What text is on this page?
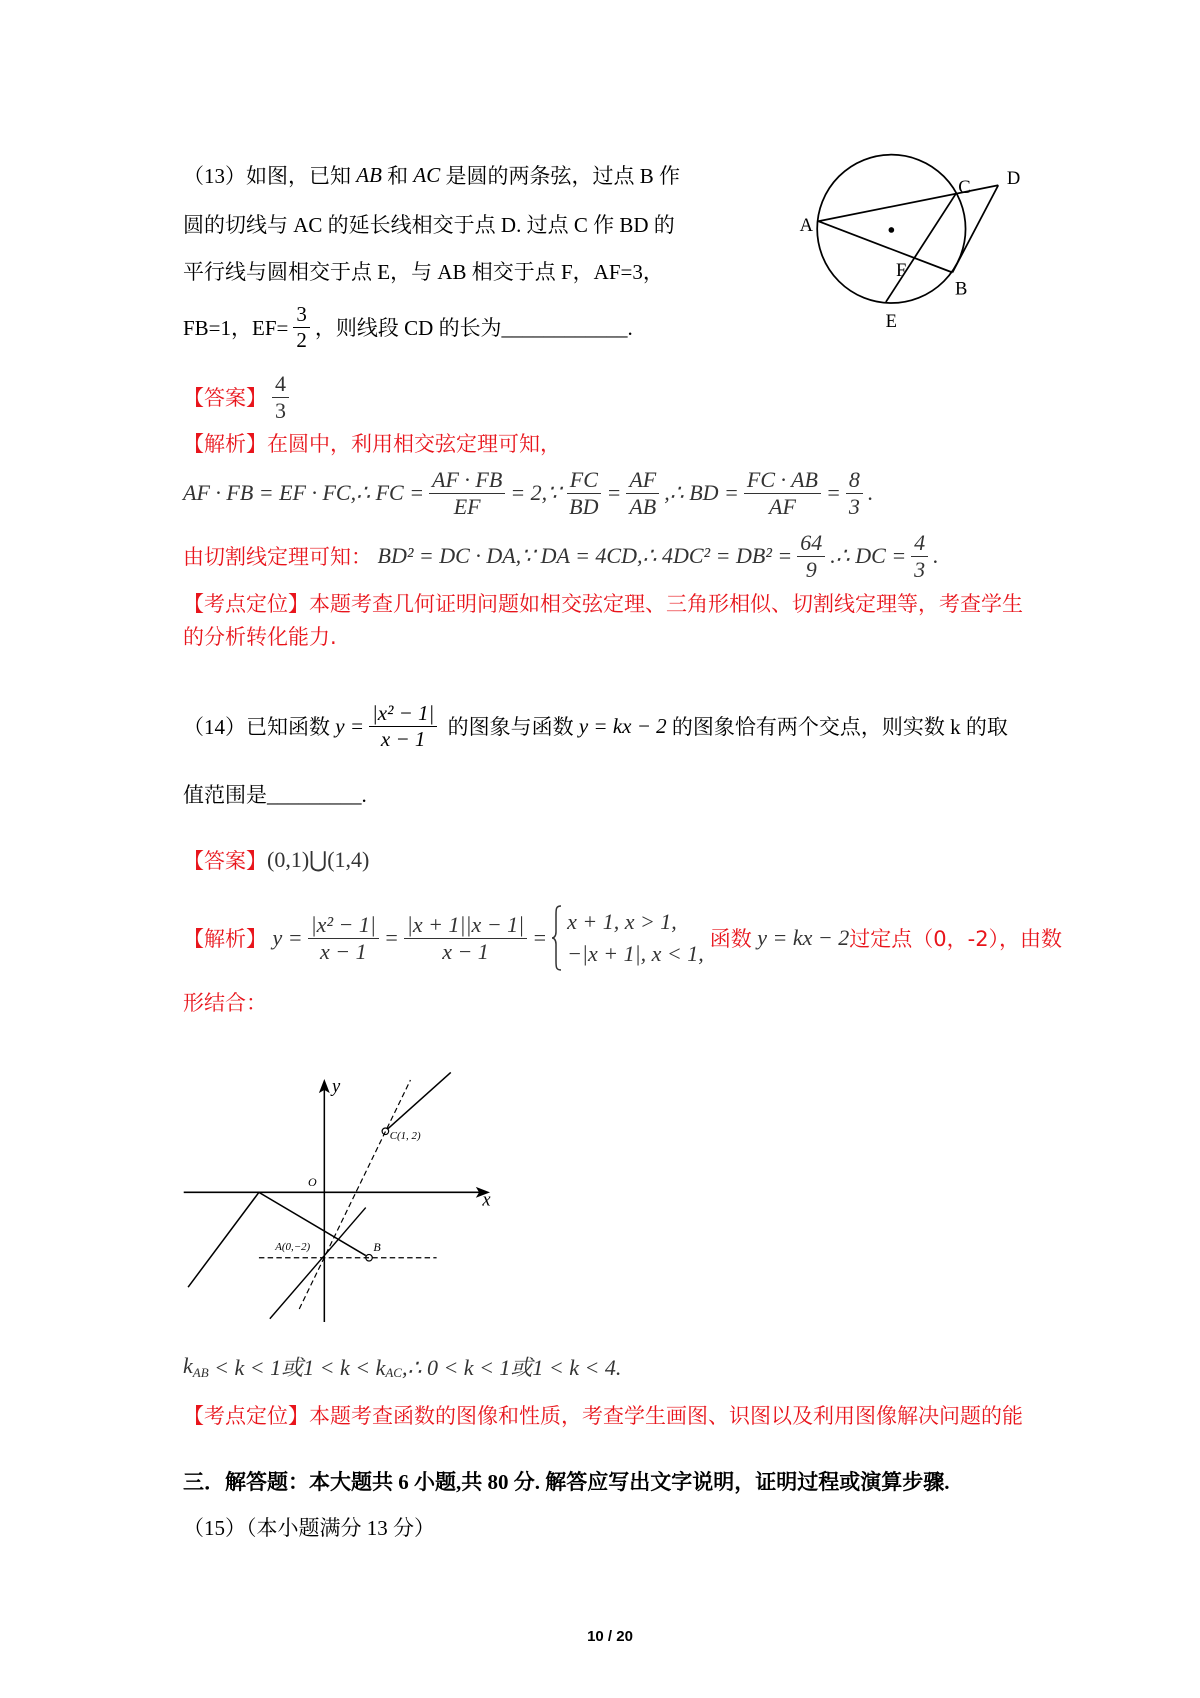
（13）如图，已知 AB 和 AC 是圆的两条弦，过点 B 作
圆的切线与 AC 的延长线相交于点 D. 过点 C 作 BD 的
平行线与圆相交于点 E，与 AB 相交于点 F，AF=3，
FB=1，$EF= \frac{3}{2}$ ，则线段 CD 的长为____________.
A
C D
F
B
E
【答案】 $\frac{4}{3}$
【解析】 在圆中，利用相交弦定理可知，
AF · FB = EF · FC,∴ FC = $\frac{AF \cdot FB}{EF}$ = 2,∵ $\frac{FC}{BD} = \frac{AF}{AB}$ ,∴ BD = $\frac{FC \cdot AB}{AF} = \frac{8}{3}$ .
由切割线定理可知： BD² = DC · DA,∵ DA = 4CD,∴ $4DC^2 = DB^2 = \frac{64}{9}$ .∴ DC = $\frac{4}{3}$ .
【考点定位】 本题考查几何证明问题如相交弦定理、三角形相似、切割线定理等，考查学生
的分析转化能力.
（14）已知函数 $y = \frac{\text{|x² − 1|}}{x - 1}$ 的图象与函数 y = kx − 2 的图象恰有两个交点，则实数 k 的取
值范围是_________.
【答案】 (0,1)⋃(1,4)
【解析】 $y = \frac{\text{|x² − 1|}}{x - 1} = \frac{|x + 1||x - 1|}{x - 1}$ =
x + 1, x > 1,
−|x + 1|, x < 1,
函数 y = kx − 2 过定点（0，-2），由数
形结合：
y
x
O
C(1, 2)
A(0,−2)	B
k AB < k < 1或1 < k < k AC ,∴ 0 < k < 1或1 < k < 4.
【考点定位】 本题考查函数的图像和性质，考查学生画图、识图以及利用图像解决问题的能
三．解答题：本大题共 6 小题,共 80 分. 解答应写出文字说明，证明过程或演算步骤.
（15）（本小题满分 13 分）
10 / 20
